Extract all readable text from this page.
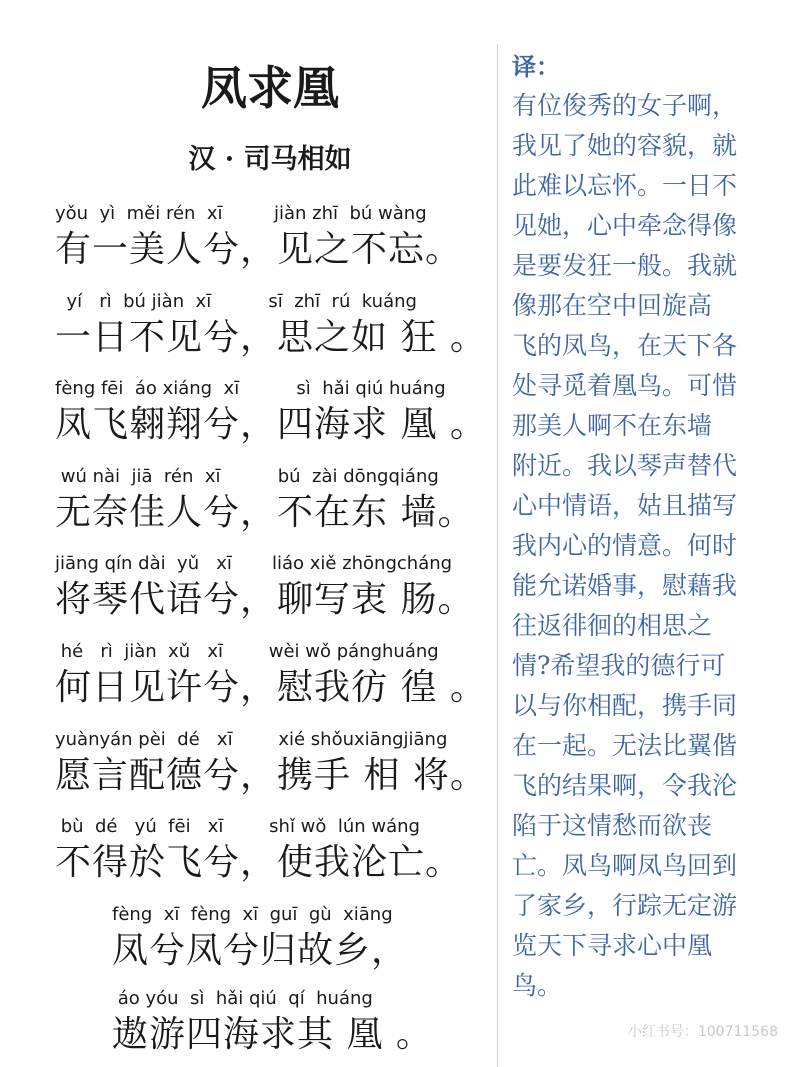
凤求凰
汉 · 司马相如
yǒu  yì  měi rén  xī         jiàn zhī  bú wàng
有一美人兮，见之不忘。
yí   rì  bú jiàn  xī          sī  zhī  rú  kuáng
一日不见兮，思之如 狂 。
fèng fēi  áo xiáng  xī          sì  hǎi qiú huáng
凤飞翱翔兮，四海求 凰 。
wú nài  jiā  rén  xī          bú  zài dōngqiáng
无奈佳人兮，不在东 墙。
jiāng qín dài  yǔ   xī       liáo xiě zhōngcháng
将琴代语兮，聊写衷 肠。
hé   rì  jiàn  xǔ   xī        wèi wǒ pánghuáng
何日见许兮，慰我彷 徨 。
yuànyán pèi  dé   xī        xié shǒuxiāngjiāng
愿言配德兮，携手 相 将。
bù  dé   yú  fēi   xī        shǐ wǒ  lún wáng
不得於飞兮，使我沦亡。
fèng  xī  fèng  xī  guī  gù  xiāng
凤兮凤兮归故乡，
áo yóu  sì  hǎi qiú  qí  huáng
遨游四海求其 凰 。
译：
有位俊秀的女子啊，
我见了她的容貌，就
此难以忘怀。一日不
见她，心中牵念得像
是要发狂一般。我就
像那在空中回旋高
飞的凤鸟，在天下各
处寻觅着凰鸟。可惜
那美人啊不在东墙
附近。我以琴声替代
心中情语，姑且描写
我内心的情意。何时
能允诺婚事，慰藉我
往返徘徊的相思之
情?希望我的德行可
以与你相配，携手同
在一起。无法比翼偕
飞的结果啊，令我沦
陷于这情愁而欲丧
亡。凤鸟啊凤鸟回到
了家乡，行踪无定游
览天下寻求心中凰
鸟。
小红书号：100711568
